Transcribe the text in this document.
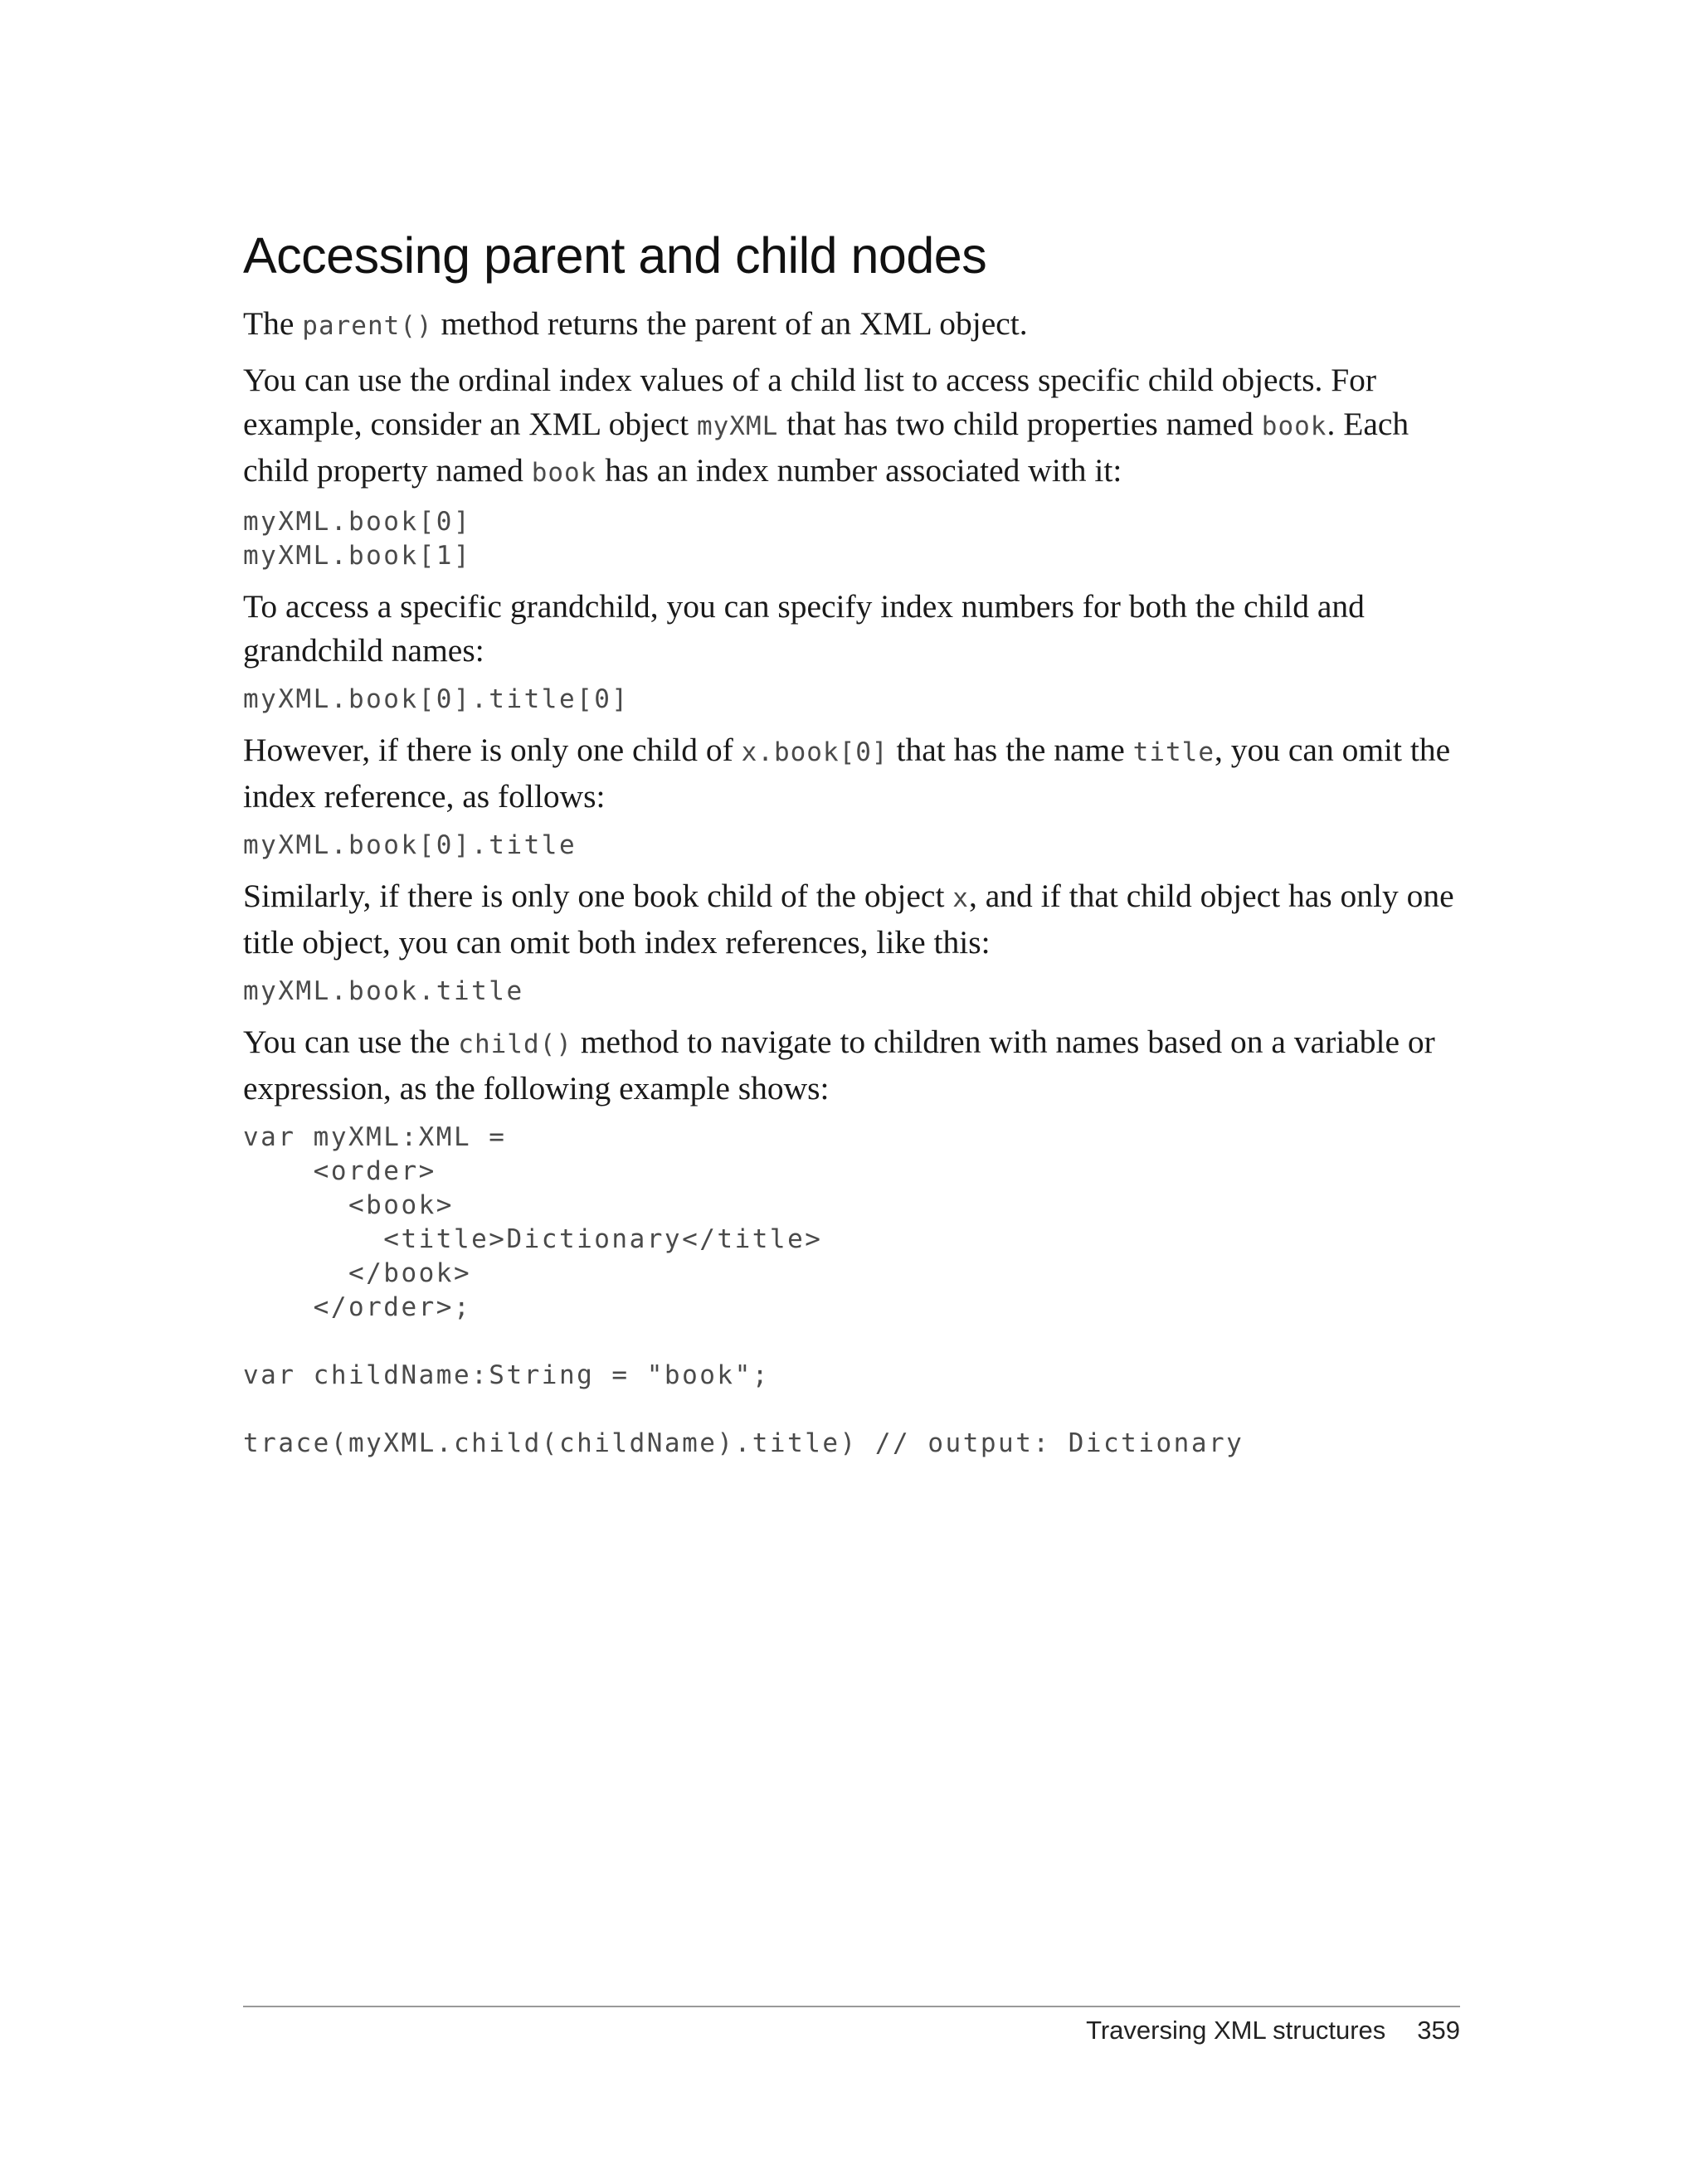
Accessing parent and child nodes

The parent() method returns the parent of an XML object.

You can use the ordinal index values of a child list to access specific child objects. For example, consider an XML object myXML that has two child properties named book. Each child property named book has an index number associated with it:

myXML.book[0]
myXML.book[1]

To access a specific grandchild, you can specify index numbers for both the child and grandchild names:

myXML.book[0].title[0]

However, if there is only one child of x.book[0] that has the name title, you can omit the index reference, as follows:

myXML.book[0].title

Similarly, if there is only one book child of the object x, and if that child object has only one title object, you can omit both index references, like this:

myXML.book.title

You can use the child() method to navigate to children with names based on a variable or expression, as the following example shows:

var myXML:XML =
<order>
<book>
<title>Dictionary</title>
</book>
</order>;

var childName:String = "book";

trace(myXML.child(childName).title) // output: Dictionary
Traversing XML structures 359
